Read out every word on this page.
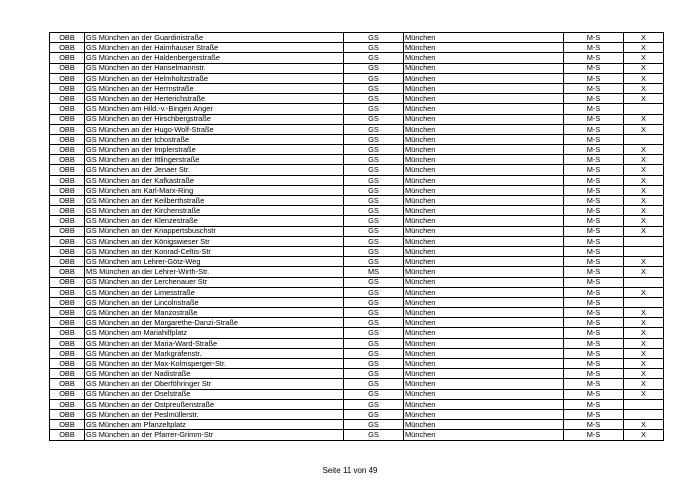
OBB	GS München an der Guardinistraße	GS	München	M-S	X
OBB	GS München an der Haimhauser Straße	GS	München	M-S	X
OBB	GS München an der Haldenbergerstraße	GS	München	M-S	X
OBB	GS München an der Hanselmannstr.	GS	München	M-S	X
OBB	GS München an der Helmholtzstraße	GS	München	M-S	X
OBB	GS München an der Herrnstraße	GS	München	M-S	X
OBB	GS München an der Herterichstraße	GS	München	M-S	X
OBB	GS München am Hild.-v.-Bingen Anger	GS	München	M-S	
OBB	GS München an der Hirschbergstraße	GS	München	M-S	X
OBB	GS München an der Hugo-Wolf-Straße	GS	München	M-S	X
OBB	GS München an der Ichostraße	GS	München	M-S	
OBB	GS München an der Implerstraße	GS	München	M-S	X
OBB	GS München an der Ittlingerstraße	GS	München	M-S	X
OBB	GS München an der Jenaer Str.	GS	München	M-S	X
OBB	GS München an der Kafkastraße	GS	München	M-S	X
OBB	GS München am Karl-Marx-Ring	GS	München	M-S	X
OBB	GS München an der Keilberthstraße	GS	München	M-S	X
OBB	GS München an der Kirchenstraße	GS	München	M-S	X
OBB	GS München an der Klenzestraße	GS	München	M-S	X
OBB	GS München an der Knappertsbuschstr	GS	München	M-S	X
OBB	GS München an der Königswieser Str	GS	München	M-S	
OBB	GS München an der Konrad-Celtis-Str	GS	München	M-S	
OBB	GS München am Lehrer-Götz-Weg	GS	München	M-S	X
OBB	MS München an der Lehrer-Wirth-Str.	MS	München	M-S	X
OBB	GS München an der Lerchenauer Str	GS	München	M-S	
OBB	GS München an der Limesstraße	GS	München	M-S	X
OBB	GS München an der Lincolnstraße	GS	München	M-S	
OBB	GS München an der Manzostraße	GS	München	M-S	X
OBB	GS München an der Margarethe-Danzi-Straße	GS	München	M-S	X
OBB	GS München am Mariahilfplatz	GS	München	M-S	X
OBB	GS München an der Maria-Ward-Straße	GS	München	M-S	X
OBB	GS München an der Markgrafenstr.	GS	München	M-S	X
OBB	GS München an der Max-Kolmsperger-Str.	GS	München	M-S	X
OBB	GS München an der Nadistraße	GS	München	M-S	X
OBB	GS München an der Oberföhringer Str	GS	München	M-S	X
OBB	GS München an der Oselstraße	GS	München	M-S	X
OBB	GS München an der Ostpreußenstraße	GS	München	M-S	
OBB	GS München an der Peslmüllerstr.	GS	München	M-S	
OBB	GS München am Pfanzeltplatz	GS	München	M-S	X
OBB	GS München an der Pfarrer-Grimm-Str	GS	München	M-S	X
Seite 11 von 49
